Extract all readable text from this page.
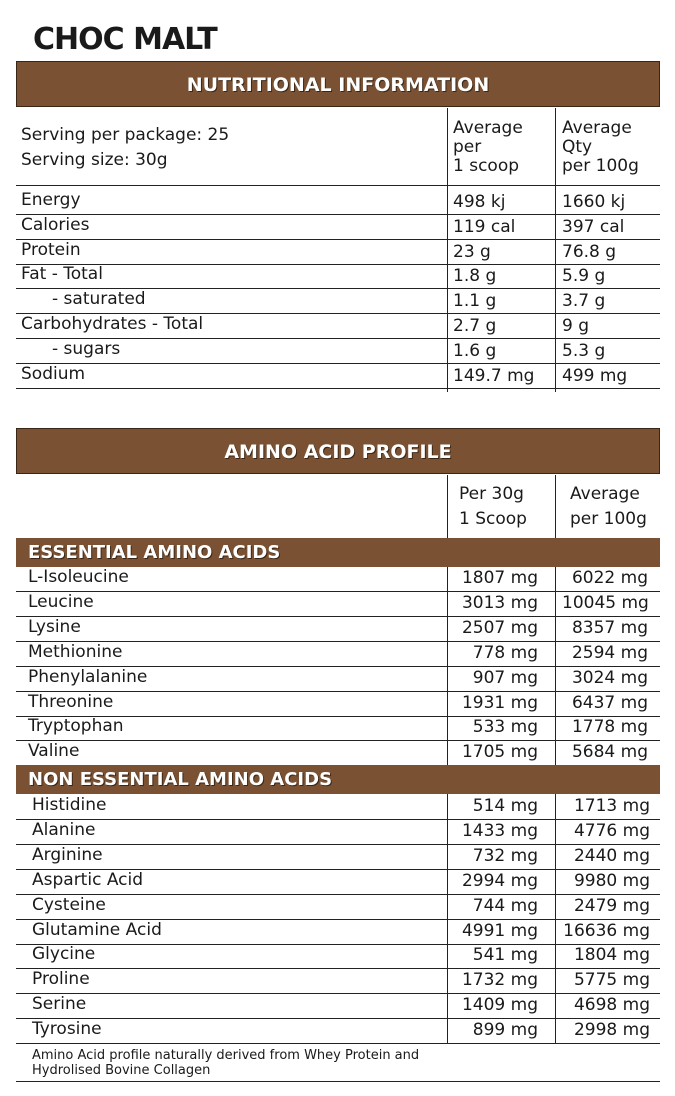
CHOC MALT
NUTRITIONAL INFORMATION
Serving per package: 25
Serving size: 30g
Average
per
1 scoop
Average
Qty
per 100g
Energy	498 kj	1660 kj
Calories	119 cal	397 cal
Protein	23 g	76.8 g
Fat - Total	1.8 g	5.9 g
- saturated	1.1 g	3.7 g
Carbohydrates - Total	2.7 g	9 g
- sugars	1.6 g	5.3 g
Sodium	149.7 mg 499 mg
AMINO ACID PROFILE
Per 30g
1 Scoop
Average
per 100g
ESSENTIAL AMINO ACIDS
L-Isoleucine	1807 mg	6022 mg
Leucine	3013 mg 10045 mg
Lysine	2507 mg	8357 mg
Methionine	778 mg	2594 mg
Phenylalanine	907 mg	3024 mg
Threonine	1931 mg	6437 mg
Tryptophan	533 mg	1778 mg
Valine	1705 mg	5684 mg
NON ESSENTIAL AMINO ACIDS
Histidine	514 mg	1713 mg
Alanine	1433 mg	4776 mg
Arginine	732 mg	2440 mg
Aspartic Acid	2994 mg	9980 mg
Cysteine	744 mg	2479 mg
Glutamine Acid	4991 mg 16636 mg
Glycine	541 mg	1804 mg
Proline	1732 mg	5775 mg
Serine	1409 mg	4698 mg
Tyrosine	899 mg	2998 mg
Amino Acid profile naturally derived from Whey Protein and
Hydrolised Bovine Collagen
